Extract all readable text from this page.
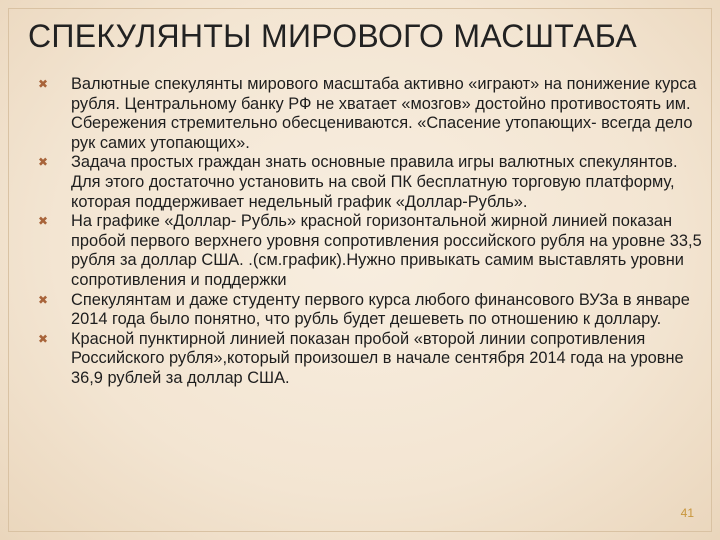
СПЕКУЛЯНТЫ МИРОВОГО МАСШТАБА
✖ Валютные спекулянты мирового масштаба активно «играют» на понижение курса рубля. Центральному банку РФ не хватает «мозгов» достойно противостоять им. Сбережения стремительно обесцениваются. «Спасение утопающих- всегда дело рук самих утопающих».
✖ Задача простых граждан знать основные правила игры валютных спекулянтов. Для этого достаточно установить на свой ПК бесплатную торговую платформу, которая поддерживает недельный график «Доллар-Рубль».
✖ На графике «Доллар- Рубль» красной горизонтальной жирной линией показан пробой первого верхнего уровня сопротивления российского рубля на уровне 33,5 рубля за доллар США. .(см.график).Нужно привыкать самим выставлять уровни сопротивления и поддержки
✖ Спекулянтам и даже студенту первого курса любого финансового ВУЗа в январе 2014 года было понятно, что рубль будет дешеветь по отношению к доллару.
✖ Красной пунктирной линией показан пробой «второй линии сопротивления Российского рубля»,который произошел в начале сентября 2014 года на уровне 36,9 рублей за доллар США.
41
